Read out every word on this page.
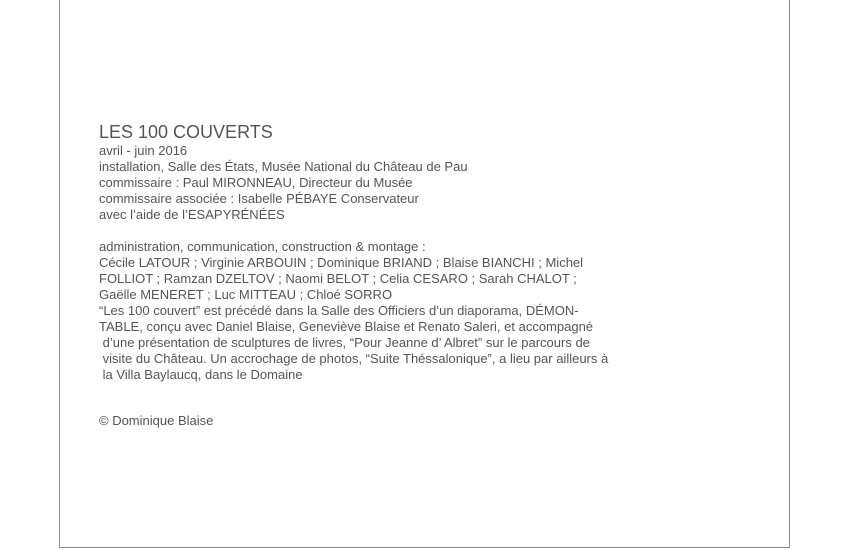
LES 100 COUVERTS
avril - juin 2016
installation, Salle des États, Musée National du Château de Pau
commissaire : Paul MIRONNEAU, Directeur du Musée
commissaire associée : Isabelle PÉBAYE Conservateur
avec l’aide de l’ESAPYRÉNÉES
administration, communication, construction & montage :
Cécile LATOUR ; Virginie ARBOUIN ; Dominique BRIAND ; Blaise BIANCHI ; Michel
FOLLIOT ; Ramzan DZELTOV ; Naomi BELOT ; Celia CESARO ; Sarah CHALOT ;
Gaëlle MENERET ; Luc MITTEAU ; Chloé SORRO
“Les 100 couvert” est précédé dans la Salle des Officiers d’un diaporama, DÉMON-
TABLE, conçu avec Daniel Blaise, Geneviève Blaise et Renato Saleri, et accompagné
d’une présentation de sculptures de livres, “Pour Jeanne d’ Albret” sur le parcours de
visite du Château. Un accrochage de photos, “Suite Théssalonique”, a lieu par ailleurs à
la Villa Baylaucq, dans le Domaine
© Dominique Blaise
